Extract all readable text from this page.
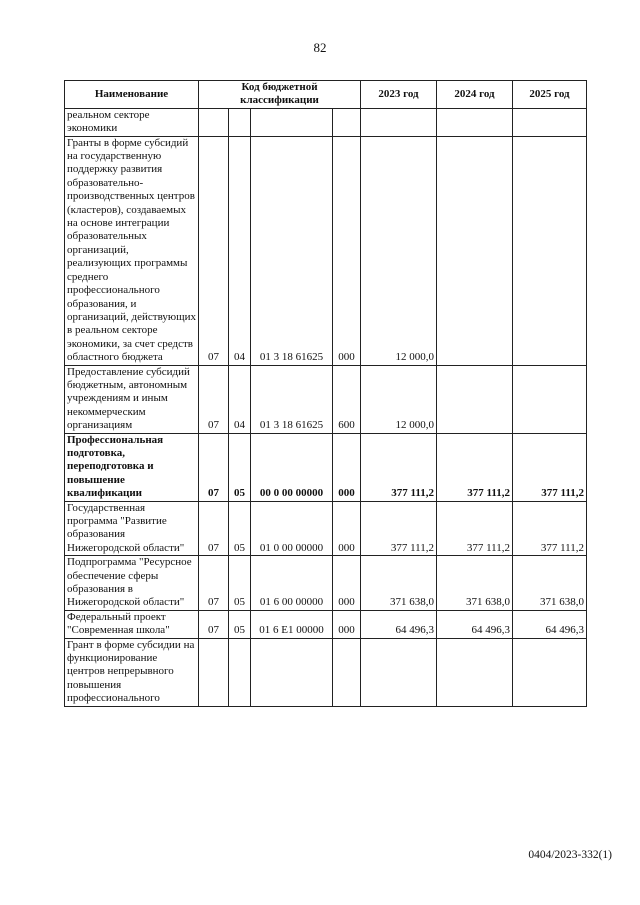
82
Наименование	Код бюджетной классификации				2023 год	2024 год	2025 год
реальном секторе экономики							
Гранты в форме субсидий на государственную поддержку развития образовательно-производственных центров (кластеров), создаваемых на основе интеграции образовательных организаций, реализующих программы среднего профессионального образования, и организаций, действующих в реальном секторе экономики, за счет средств областного бюджета	07	04	01 3 18 61625	000	12 000,0		
Предоставление субсидий бюджетным, автономным учреждениям и иным некоммерческим организациям	07	04	01 3 18 61625	600	12 000,0		
Профессиональная подготовка, переподготовка и повышение квалификации	07	05	00 0 00 00000	000	377 111,2	377 111,2	377 111,2
Государственная программа "Развитие образования Нижегородской области"	07	05	01 0 00 00000	000	377 111,2	377 111,2	377 111,2
Подпрограмма "Ресурсное обеспечение сферы образования в Нижегородской области"	07	05	01 6 00 00000	000	371 638,0	371 638,0	371 638,0
Федеральный проект "Современная школа"	07	05	01 6 E1 00000	000	64 496,3	64 496,3	64 496,3
Грант в форме субсидии на функционирование центров непрерывного повышения профессионального							
0404/2023-332(1)
